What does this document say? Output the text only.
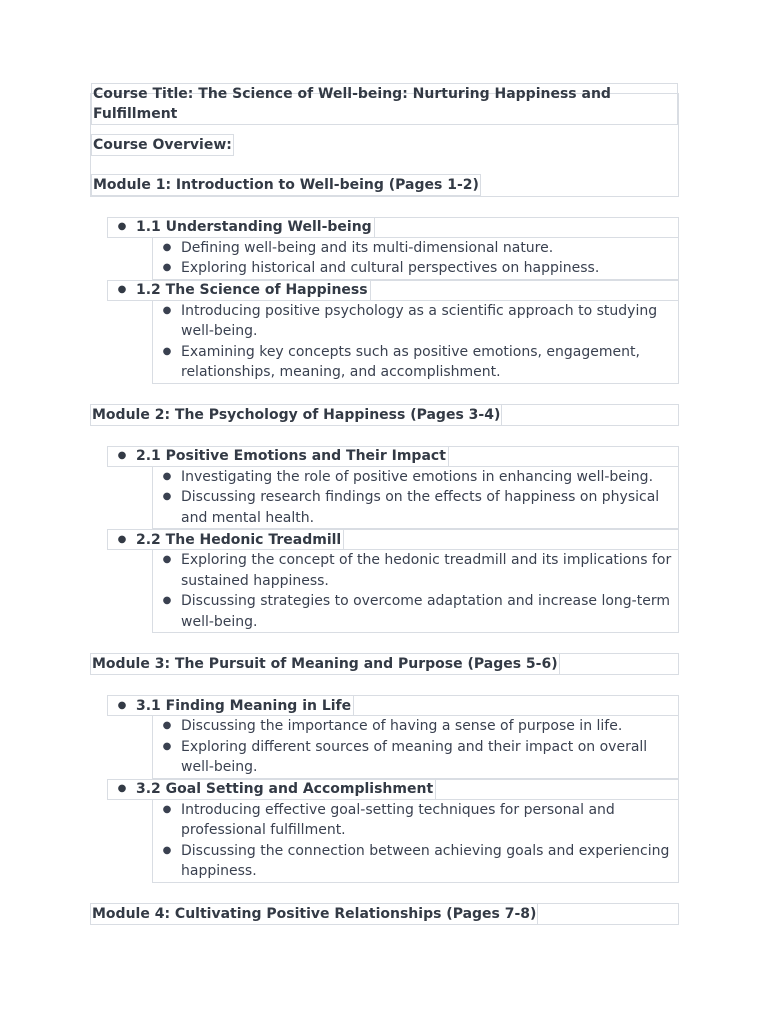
Course Title: The Science of Well-being: Nurturing Happiness and Fulfillment
Course Overview:
Module 1: Introduction to Well-being (Pages 1-2)
● 1.1 Understanding Well-being
● Defining well-being and its multi-dimensional nature.
● Exploring historical and cultural perspectives on happiness.
● 1.2 The Science of Happiness
● Introducing positive psychology as a scientific approach to studying well-being.
● Examining key concepts such as positive emotions, engagement, relationships, meaning, and accomplishment.
Module 2: The Psychology of Happiness (Pages 3-4)
● 2.1 Positive Emotions and Their Impact
● Investigating the role of positive emotions in enhancing well-being.
● Discussing research findings on the effects of happiness on physical and mental health.
● 2.2 The Hedonic Treadmill
● Exploring the concept of the hedonic treadmill and its implications for sustained happiness.
● Discussing strategies to overcome adaptation and increase long-term well-being.
Module 3: The Pursuit of Meaning and Purpose (Pages 5-6)
● 3.1 Finding Meaning in Life
● Discussing the importance of having a sense of purpose in life.
● Exploring different sources of meaning and their impact on overall well-being.
● 3.2 Goal Setting and Accomplishment
● Introducing effective goal-setting techniques for personal and professional fulfillment.
● Discussing the connection between achieving goals and experiencing happiness.
Module 4: Cultivating Positive Relationships (Pages 7-8)
